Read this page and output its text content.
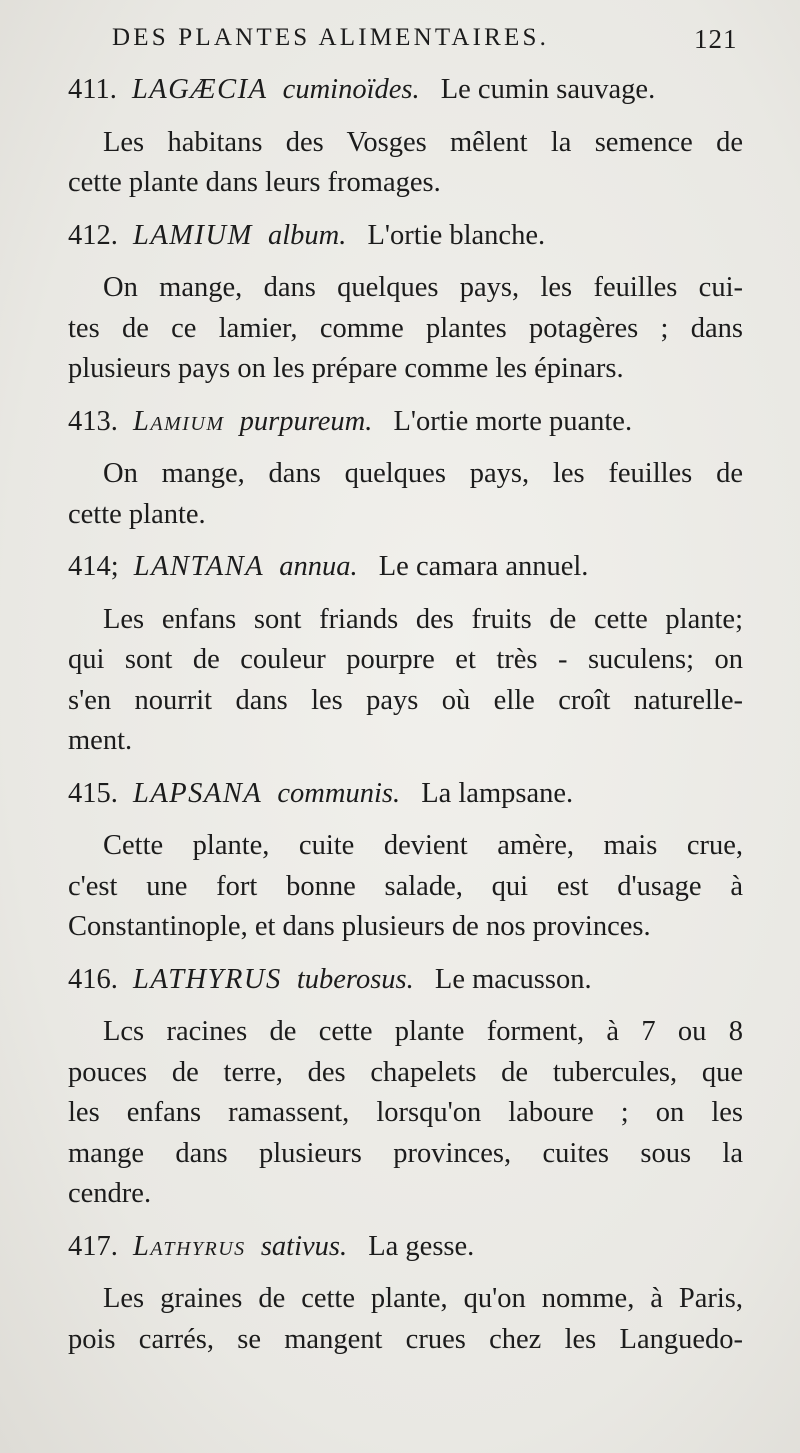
DES PLANTES ALIMENTAIRES.	121
411. LAGÆCIA cuminoïdes. Le cumin sauvage.
Les habitans des Vosges mêlent la semence de
cette plante dans leurs fromages.
412. LAMIUM album. L'ortie blanche.
On mange, dans quelques pays, les feuilles cui-
tes de ce lamier, comme plantes potagères ; dans
plusieurs pays on les prépare comme les épinars.
413. Lamium purpureum. L'ortie morte puante.
On mange, dans quelques pays, les feuilles de
cette plante.
414; LANTANA annua. Le camara annuel.
Les enfans sont friands des fruits de cette plante;
qui sont de couleur pourpre et très - suculens; on
s'en nourrit dans les pays où elle croît naturelle-
ment.
415. LAPSANA communis. La lampsane.
Cette plante, cuite devient amère, mais crue,
c'est une fort bonne salade, qui est d'usage à
Constantinople, et dans plusieurs de nos provinces.
416. LATHYRUS tuberosus. Le macusson.
Lcs racines de cette plante forment, à 7 ou 8
pouces de terre, des chapelets de tubercules, que
les enfans ramassent, lorsqu'on laboure ; on les
mange dans plusieurs provinces, cuites sous la
cendre.
417. Lathyrus sativus. La gesse.
Les graines de cette plante, qu'on nomme, à Paris,
pois carrés, se mangent crues chez les Languedo-
